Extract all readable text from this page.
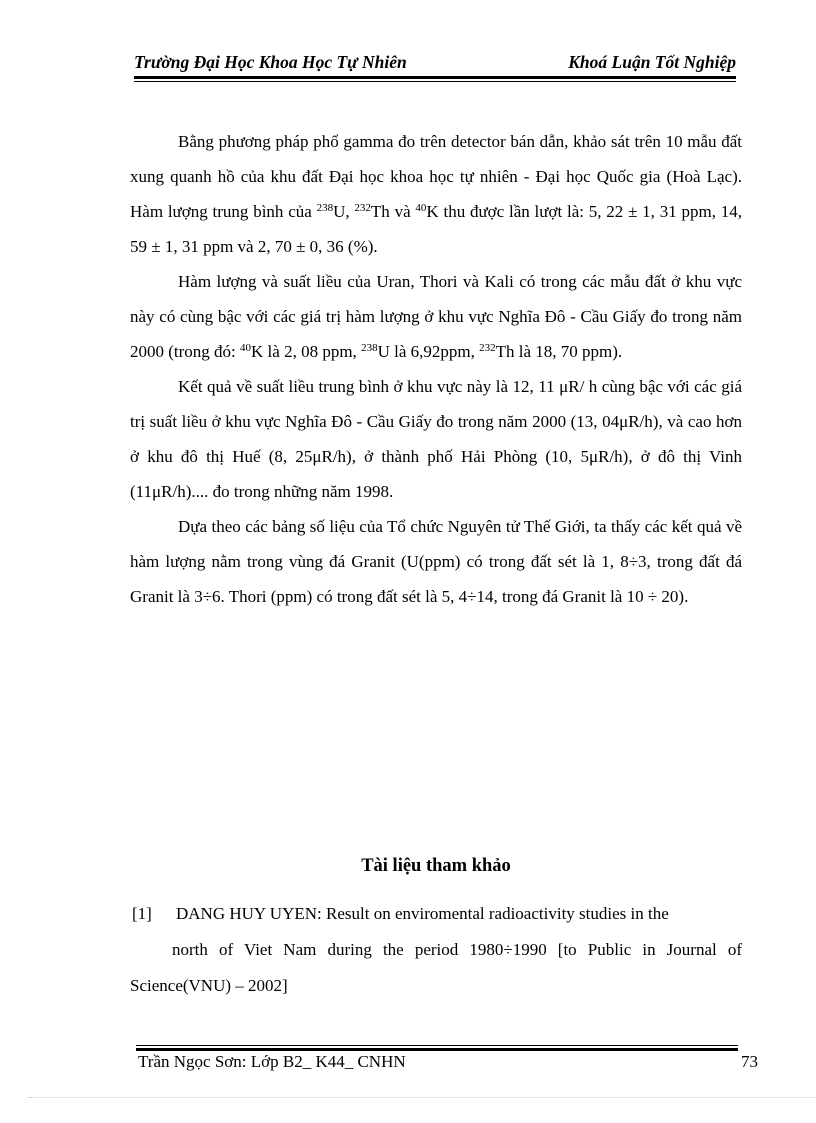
Trường Đại Học Khoa Học Tự Nhiên	Khoá Luận Tốt Nghiệp

Bằng phương pháp phổ gamma đo trên detector bán dẫn, khảo sát trên 10 mẫu đất xung quanh hồ của khu đất Đại học khoa học tự nhiên - Đại học Quốc gia (Hoà Lạc). Hàm lượng trung bình của $^{238}$U, $^{232}$Th và $^{40}$K thu được lần lượt là: 5, 22 ± 1, 31 ppm, 14, 59 ± 1, 31 ppm và 2, 70 ± 0, 36 (%).

Hàm lượng và suất liều của Uran, Thori và Kali có trong các mẫu đất ở khu vực này có cùng bậc với các giá trị hàm lượng ở khu vực Nghĩa Đô - Cầu Giấy đo trong năm 2000 (trong đó: $^{40}$K là 2, 08 ppm, $^{238}$U là 6,92ppm, $^{232}$Th là 18, 70 ppm).

Kết quả về suất liều trung bình ở khu vực này là 12, 11 μR/ h cùng bậc với các giá trị suất liều ở khu vực Nghĩa Đô - Cầu Giấy đo trong năm 2000 (13, 04μR/h), và cao hơn ở khu đô thị Huế (8, 25μR/h), ở thành phố Hải Phòng (10, 5μR/h), ở đô thị Vinh (11μR/h).... đo trong những năm 1998.

Dựa theo các bảng số liệu của Tổ chức Nguyên tử Thế Giới, ta thấy các kết quả về hàm lượng nằm trong vùng đá Granit (U(ppm) có trong đất sét là 1, 8÷3, trong đất đá Granit là 3÷6. Thori (ppm) có trong đất sét là 5, 4÷14, trong đá Granit là 10 ÷ 20).

Tài liệu tham khảo
[1] DANG HUY UYEN: Result on enviromental radioactivity studies in the

north of Viet Nam during the period 1980÷1990 [to Public in Journal of Science(VNU) – 2002]

Trần Ngọc Sơn: Lớp B2_ K44_ CNHN	73
